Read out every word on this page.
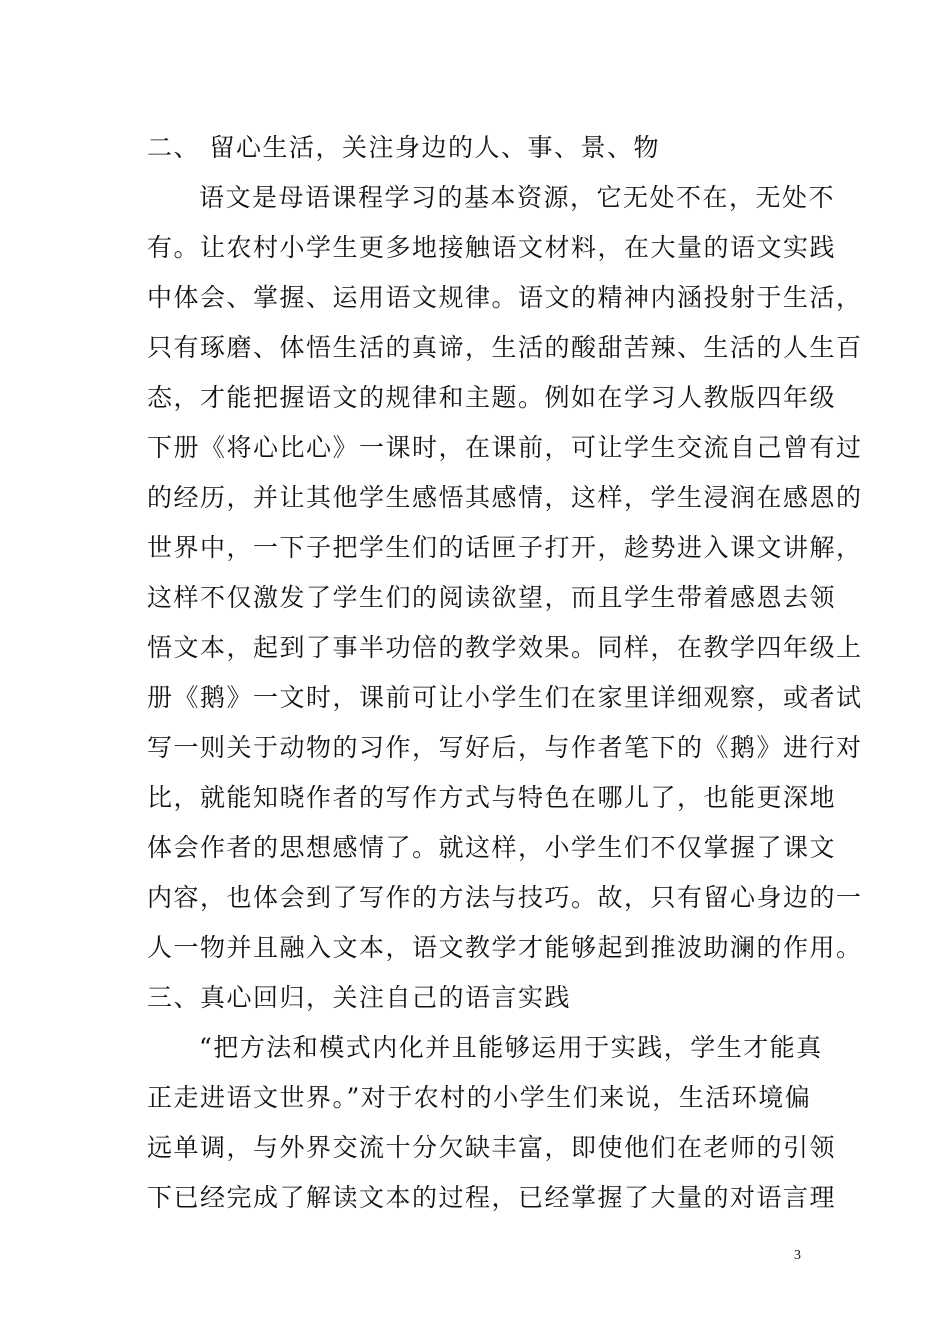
二、 留心生活，关注身边的人、事、景、物
语文是母语课程学习的基本资源，它无处不在，无处不
有。让农村小学生更多地接触语文材料，在大量的语文实践
中体会、掌握、运用语文规律。语文的精神内涵投射于生活，
只有琢磨、体悟生活的真谛，生活的酸甜苦辣、生活的人生百
态，才能把握语文的规律和主题。例如在学习人教版四年级
下册《将心比心》一课时，在课前，可让学生交流自己曾有过
的经历，并让其他学生感悟其感情，这样，学生浸润在感恩的
世界中，一下子把学生们的话匣子打开，趁势进入课文讲解，
这样不仅激发了学生们的阅读欲望，而且学生带着感恩去领
悟文本，起到了事半功倍的教学效果。同样，在教学四年级上
册《鹅》一文时，课前可让小学生们在家里详细观察，或者试
写一则关于动物的习作，写好后，与作者笔下的《鹅》进行对
比，就能知晓作者的写作方式与特色在哪儿了，也能更深地
体会作者的思想感情了。就这样，小学生们不仅掌握了课文
内容，也体会到了写作的方法与技巧。故，只有留心身边的一
人一物并且融入文本，语文教学才能够起到推波助澜的作用。
三、真心回归，关注自己的语言实践
“把方法和模式内化并且能够运用于实践，学生才能真
正走进语文世界。”对于农村的小学生们来说，生活环境偏
远单调，与外界交流十分欠缺丰富，即使他们在老师的引领
下已经完成了解读文本的过程，已经掌握了大量的对语言理
3
